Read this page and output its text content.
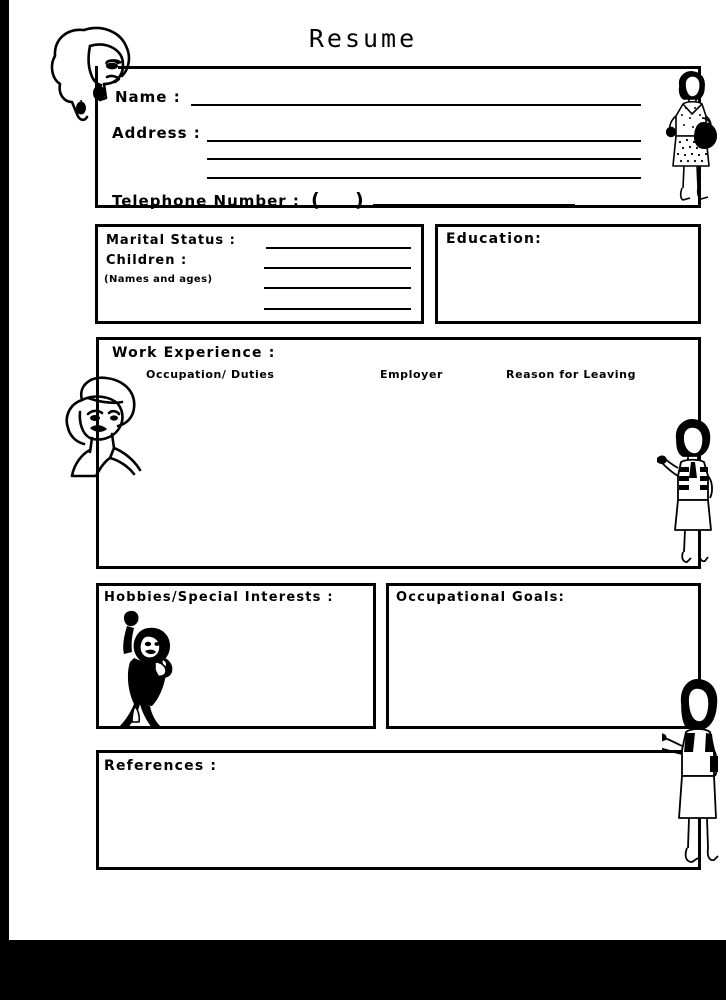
Resume
Name :
Address :
Telephone Number : ( )
Marital Status :
Children :
(Names and ages)
Education:
Work Experience :
Occupation/ Duties	Employer	Reason for Leaving
Hobbies/Special Interests :	Occupational Goals:
References :
